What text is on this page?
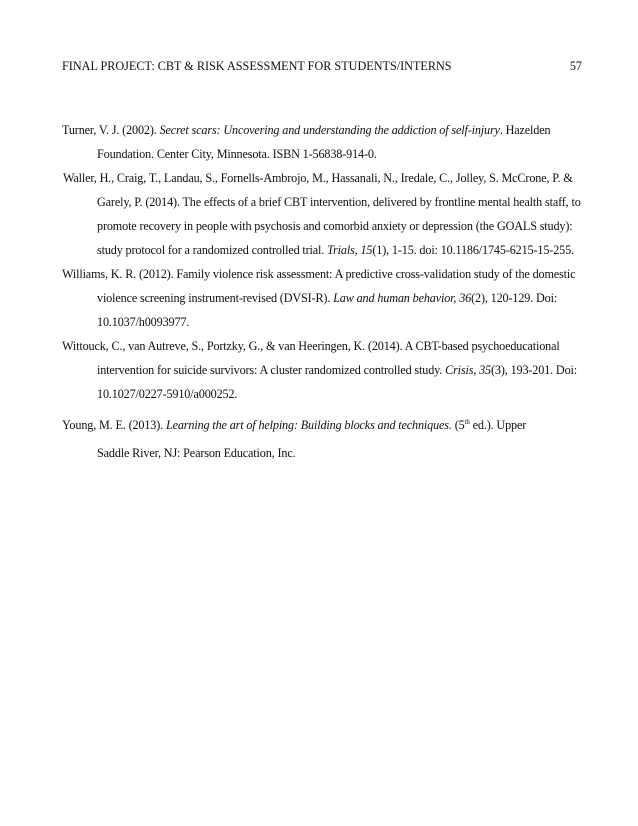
FINAL PROJECT: CBT & RISK ASSESSMENT FOR STUDENTS/INTERNS	57

Turner, V. J. (2002). Secret scars: Uncovering and understanding the addiction of self-injury. Hazelden Foundation. Center City, Minnesota. ISBN 1-56838-914-0.

Waller, H., Craig, T., Landau, S., Fornells-Ambrojo, M., Hassanali, N., Iredale, C., Jolley, S. McCrone, P. & Garely, P. (2014). The effects of a brief CBT intervention, delivered by frontline mental health staff, to promote recovery in people with psychosis and comorbid anxiety or depression (the GOALS study): study protocol for a randomized controlled trial. Trials, 15(1), 1-15. doi: 10.1186/1745-6215-15-255.

Williams, K. R. (2012). Family violence risk assessment: A predictive cross-validation study of the domestic violence screening instrument-revised (DVSI-R). Law and human behavior, 36(2), 120-129. Doi: 10.1037/h0093977.

Wittouck, C., van Autreve, S., Portzky, G., & van Heeringen, K. (2014). A CBT-based psychoeducational intervention for suicide survivors: A cluster randomized controlled study. Crisis, 35(3), 193-201. Doi: 10.1027/0227-5910/a000252.

Young, M. E. (2013). Learning the art of helping: Building blocks and techniques. (5th ed.). Upper
Saddle River, NJ: Pearson Education, Inc.
